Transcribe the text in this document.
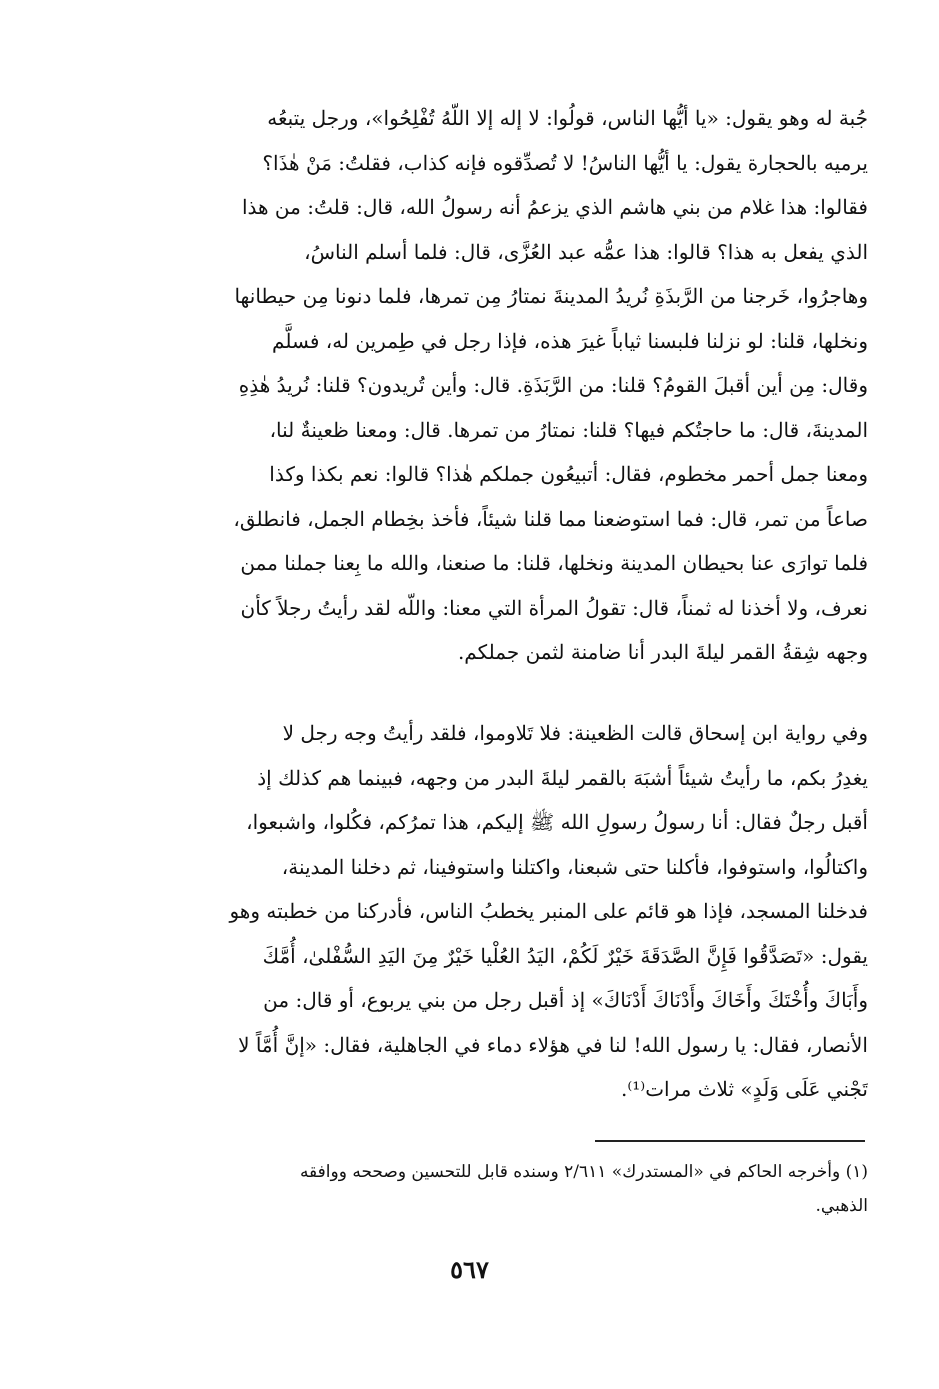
جُبة له وهو يقول: «يا أيُّها الناس، قولُوا: لا إله إلا اللّهُ تُفْلِحُوا»، ورجل يتبعُه
يرميه بالحجارة يقول: يا أيُّها الناسُ! لا تُصدِّقوه فإنه كذاب، فقلتُ: مَنْ هٰذَا؟
فقالوا: هذا غلام من بني هاشم الذي يزعمُ أنه رسولُ الله، قال: قلتُ: من هذا
الذي يفعل به هذا؟ قالوا: هذا عمُّه عبد العُزَّى، قال: فلما أسلم الناسُ،
وهاجرُوا، خَرجنا من الرَّبذَةِ نُريدُ المدينةَ نمتارُ مِن تمرها، فلما دنونا مِن حيطانها
ونخلها، قلنا: لو نزلنا فلبسنا ثياباً غيرَ هذه، فإذا رجل في طِمرين له، فسلَّم
وقال: مِن أين أقبلَ القومُ؟ قلنا: من الرَّبَذَةِ. قال: وأين تُريدون؟ قلنا: نُريدُ هٰذِهِ
المدينةَ، قال: ما حاجتُكم فيها؟ قلنا: نمتارُ من تمرها. قال: ومعنا ظعينةٌ لنا،
ومعنا جمل أحمر مخطوم، فقال: أتبيعُون جملكم هٰذا؟ قالوا: نعم بكذا وكذا
صاعاً من تمر، قال: فما استوضعنا مما قلنا شيئاً، فأخذ بخِطام الجمل، فانطلق،
فلما توارَى عنا بحيطان المدينة ونخلها، قلنا: ما صنعنا، والله ما بِعنا جملنا ممن
نعرف، ولا أخذنا له ثمناً، قال: تقولُ المرأة التي معنا: واللّه لقد رأيتُ رجلاً كأن
وجهه شِقةُ القمر ليلةَ البدر أنا ضامنة لثمن جملكم.
وفي رواية ابن إسحاق قالت الظعينة: فلا تَلاوموا، فلقد رأيتُ وجه رجل لا
يغدِرُ بكم، ما رأيتُ شيئاً أشبَهَ بالقمر ليلةَ البدر من وجهه، فبينما هم كذلك إذ
أقبل رجلٌ فقال: أنا رسولُ رسولِ الله ﷺ إليكم، هذا تمرُكم، فكُلوا، واشبعوا،
واكتالُوا، واستوفوا، فأكلنا حتى شبعنا، واكتلنا واستوفينا، ثم دخلنا المدينة،
فدخلنا المسجد، فإذا هو قائم على المنبر يخطبُ الناس، فأدركنا من خطبته وهو
يقول: «تَصَدَّقُوا فَإِنَّ الصَّدَقَةَ خَيْرٌ لَكُمْ، اليَدُ العُلْيا خَيْرٌ مِنَ اليَدِ السُّفْلىٰ، أُمَّكَ
وأَبَاكَ وأُخْتَكَ وأَخَاكَ وأَدْنَاكَ أَدْنَاكَ» إذ أقبل رجل من بني يربوع، أو قال: من
الأنصار، فقال: يا رسول الله! لنا في هؤلاء دماء في الجاهلية، فقال: «إنَّ أُمَّاً لا
تَجْني عَلَى وَلَدٍ» ثلاث مرات⁽¹⁾.
(١) وأخرجه الحاكم في «المستدرك» ٢/٦١١ وسنده قابل للتحسين وصححه ووافقه
الذهبي.
٥٦٧
